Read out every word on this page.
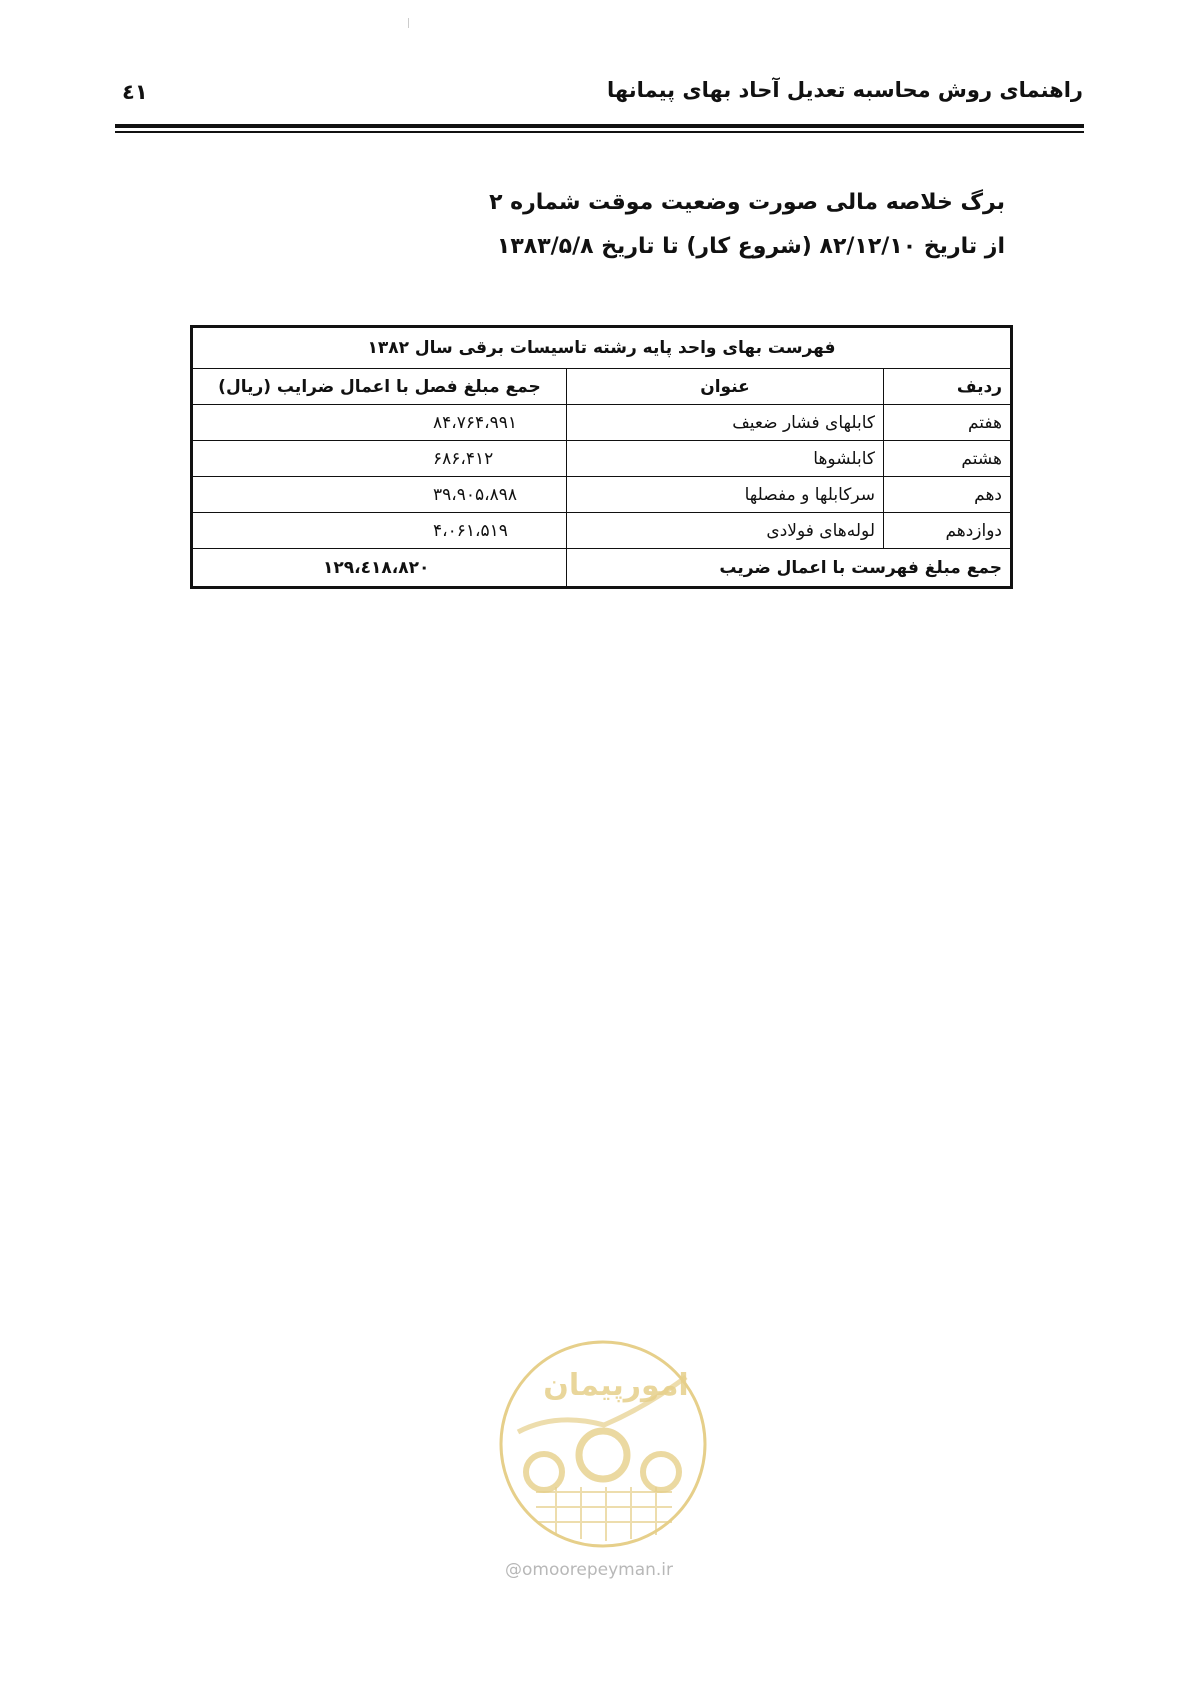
٤١	راهنمای روش محاسبه تعدیل آحاد بهای پیمانها
برگ خلاصه مالی صورت وضعیت موقت شماره ۲
از تاریخ ۸۲/۱۲/۱۰ (شروع کار) تا تاریخ ۱۳۸۳/۵/۸
فهرست بهای واحد پایه رشته تاسیسات برقی سال ۱۳۸۲		
ردیف	عنوان	جمع مبلغ فصل با اعمال ضرایب (ریال)
هفتم	کابلهای فشار ضعیف	۸۴،۷۶۴،۹۹۱
هشتم	کابلشوها	۶۸۶،۴۱۲
دهم	سرکابلها و مفصلها	۳۹،۹۰۵،۸۹۸
دوازدهم	لوله‌های فولادی	۴،۰۶۱،۵۱۹
جمع مبلغ فهرست با اعمال ضریب		۱۲۹،٤۱۸،۸۲۰
امورپیمان
@omoorepeyman.ir
